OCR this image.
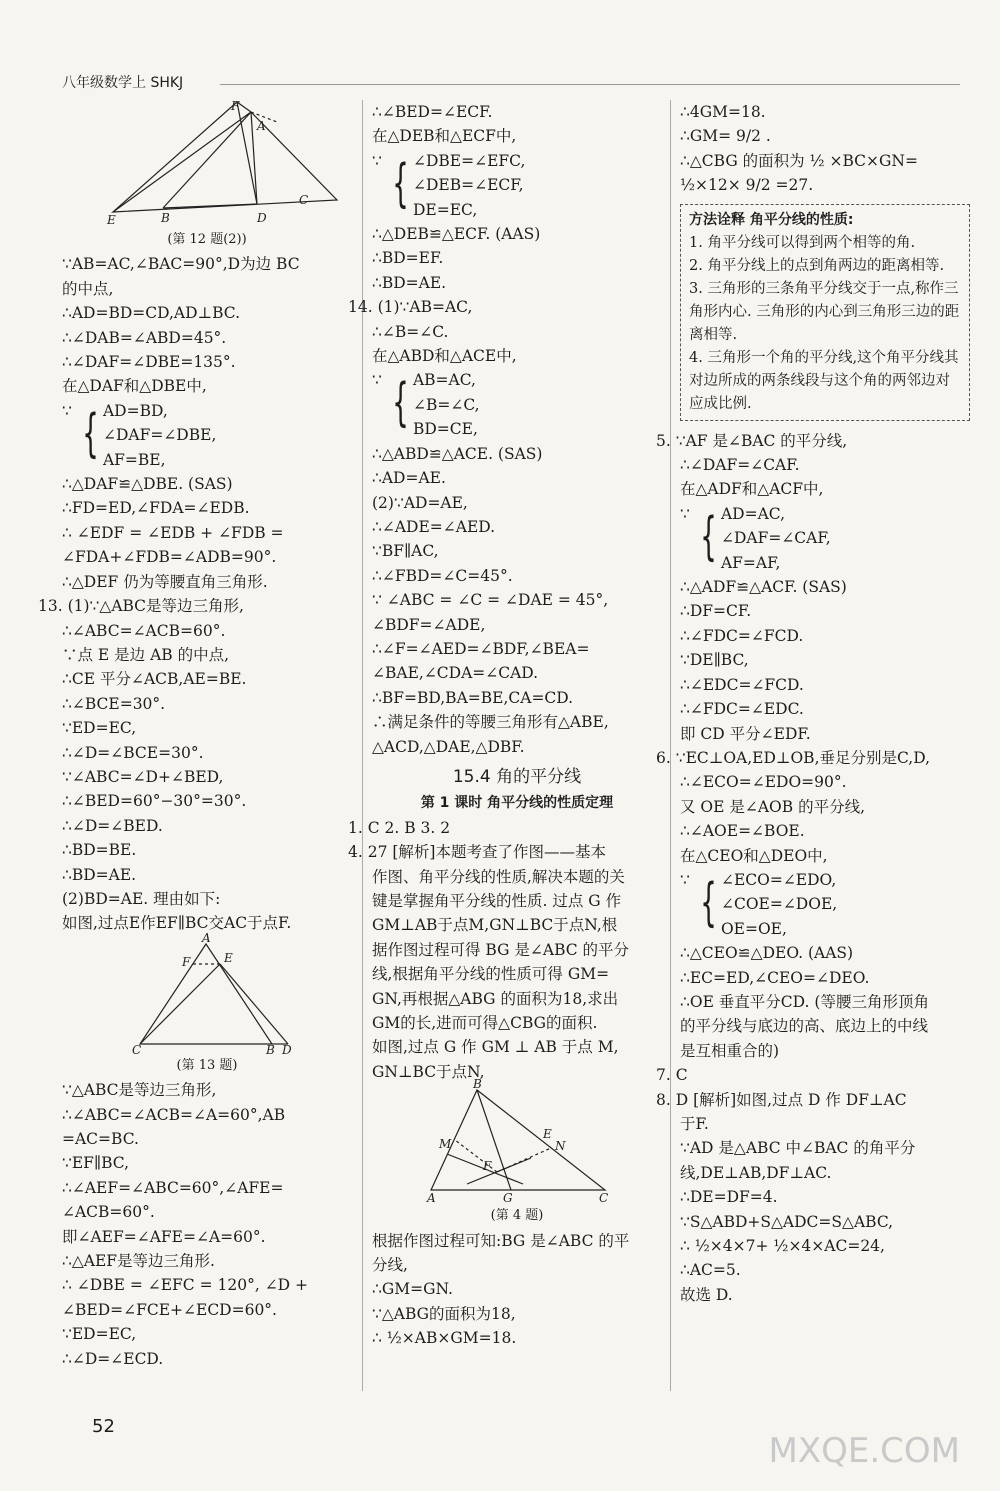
八年级数学上 SHKJ
F
A
E	B	D
C
(第 12 题(2))
∵AB=AC,∠BAC=90°,D为边 BC
的中点,
∴AD=BD=CD,AD⊥BC.
∴∠DAB=∠ABD=45°.
∴∠DAF=∠DBE=135°.
在△DAF和△DBE中,
∵ { AD=BD,
∠DAF=∠DBE,
AF=BE,
∴△DAF≌△DBE. (SAS)
∴FD=ED,∠FDA=∠EDB.
∴ ∠EDF = ∠EDB + ∠FDB =
∠FDA+∠FDB=∠ADB=90°.
∴△DEF 仍为等腰直角三角形.
13. (1)∵△ABC是等边三角形,
∴∠ABC=∠ACB=60°.
∵点 E 是边 AB 的中点,
∴CE 平分∠ACB,AE=BE.
∴∠BCE=30°.
∵ED=EC,
∴∠D=∠BCE=30°.
∵∠ABC=∠D+∠BED,
∴∠BED=60°−30°=30°.
∴∠D=∠BED.
∴BD=BE.
∴BD=AE.
(2)BD=AE. 理由如下:
如图,过点E作EF∥BC交AC于点F.
A
F	E
C	B D
(第 13 题)
∵△ABC是等边三角形,
∴∠ABC=∠ACB=∠A=60°,AB
=AC=BC.
∵EF∥BC,
∴∠AEF=∠ABC=60°,∠AFE=
∠ACB=60°.
即∠AEF=∠AFE=∠A=60°.
∴△AEF是等边三角形.
∴ ∠DBE = ∠EFC = 120°, ∠D +
∠BED=∠FCE+∠ECD=60°.
∵ED=EC,
∴∠D=∠ECD.
∴∠BED=∠ECF.
在△DEB和△ECF中,
∵ { ∠DBE=∠EFC,
∠DEB=∠ECF,
DE=EC,
∴△DEB≌△ECF. (AAS)
∴BD=EF.
∴BD=AE.
14. (1)∵AB=AC,
∴∠B=∠C.
在△ABD和△ACE中,
∵ { AB=AC,
∠B=∠C,
BD=CE,
∴△ABD≌△ACE. (SAS)
∴AD=AE.
(2)∵AD=AE,
∴∠ADE=∠AED.
∵BF∥AC,
∴∠FBD=∠C=45°.
∵ ∠ABC = ∠C = ∠DAE = 45°,
∠BDF=∠ADE,
∴∠F=∠AED=∠BDF,∠BEA=
∠BAE,∠CDA=∠CAD.
∴BF=BD,BA=BE,CA=CD.
∴满足条件的等腰三角形有△ABE,
△ACD,△DAE,△DBF.
15.4 角的平分线
第 1 课时 角平分线的性质定理
1. C 2. B 3. 2
4. 27 [解析]本题考查了作图——基本
作图、角平分线的性质,解决本题的关
键是掌握角平分线的性质. 过点 G 作
GM⊥AB于点M,GN⊥BC于点N,根
据作图过程可得 BG 是∠ABC 的平分
线,根据角平分线的性质可得 GM=
GN,再根据△ABG 的面积为18,求出
GM的长,进而可得△CBG的面积.
如图,过点 G 作 GM ⊥ AB 于点 M,
GN⊥BC于点N,
B
E
N
M
F
A	G	C
(第 4 题)
根据作图过程可知:BG 是∠ABC 的平
分线,
∴GM=GN.
∵△ABG的面积为18,
∴ ½×AB×GM=18.
∴4GM=18.
∴GM= 9/2 .
∴△CBG 的面积为 ½ ×BC×GN=
½×12× 9/2 =27.
方法诠释 角平分线的性质:
1. 角平分线可以得到两个相等的角.
2. 角平分线上的点到角两边的距离相等.
3. 三角形的三条角平分线交于一点,称作三角形内心. 三角形的内心到三角形三边的距离相等.
4. 三角形一个角的平分线,这个角平分线其对边所成的两条线段与这个角的两邻边对应成比例.
5. ∵AF 是∠BAC 的平分线,
∴∠DAF=∠CAF.
在△ADF和△ACF中,
∵ { AD=AC,
∠DAF=∠CAF,
AF=AF,
∴△ADF≌△ACF. (SAS)
∴DF=CF.
∴∠FDC=∠FCD.
∵DE∥BC,
∴∠EDC=∠FCD.
∴∠FDC=∠EDC.
即 CD 平分∠EDF.
6. ∵EC⊥OA,ED⊥OB,垂足分别是C,D,
∴∠ECO=∠EDO=90°.
又 OE 是∠AOB 的平分线,
∴∠AOE=∠BOE.
在△CEO和△DEO中,
∵ { ∠ECO=∠EDO,
∠COE=∠DOE,
OE=OE,
∴△CEO≌△DEO. (AAS)
∴EC=ED,∠CEO=∠DEO.
∴OE 垂直平分CD. (等腰三角形顶角
的平分线与底边的高、底边上的中线
是互相重合的)
7. C
8. D [解析]如图,过点 D 作 DF⊥AC
于F.
∵AD 是△ABC 中∠BAC 的角平分
线,DE⊥AB,DF⊥AC.
∴DE=DF=4.
∵S△ABD+S△ADC=S△ABC,
∴ ½×4×7+ ½×4×AC=24,
∴AC=5.
故选 D.
52
MXQE.COM
